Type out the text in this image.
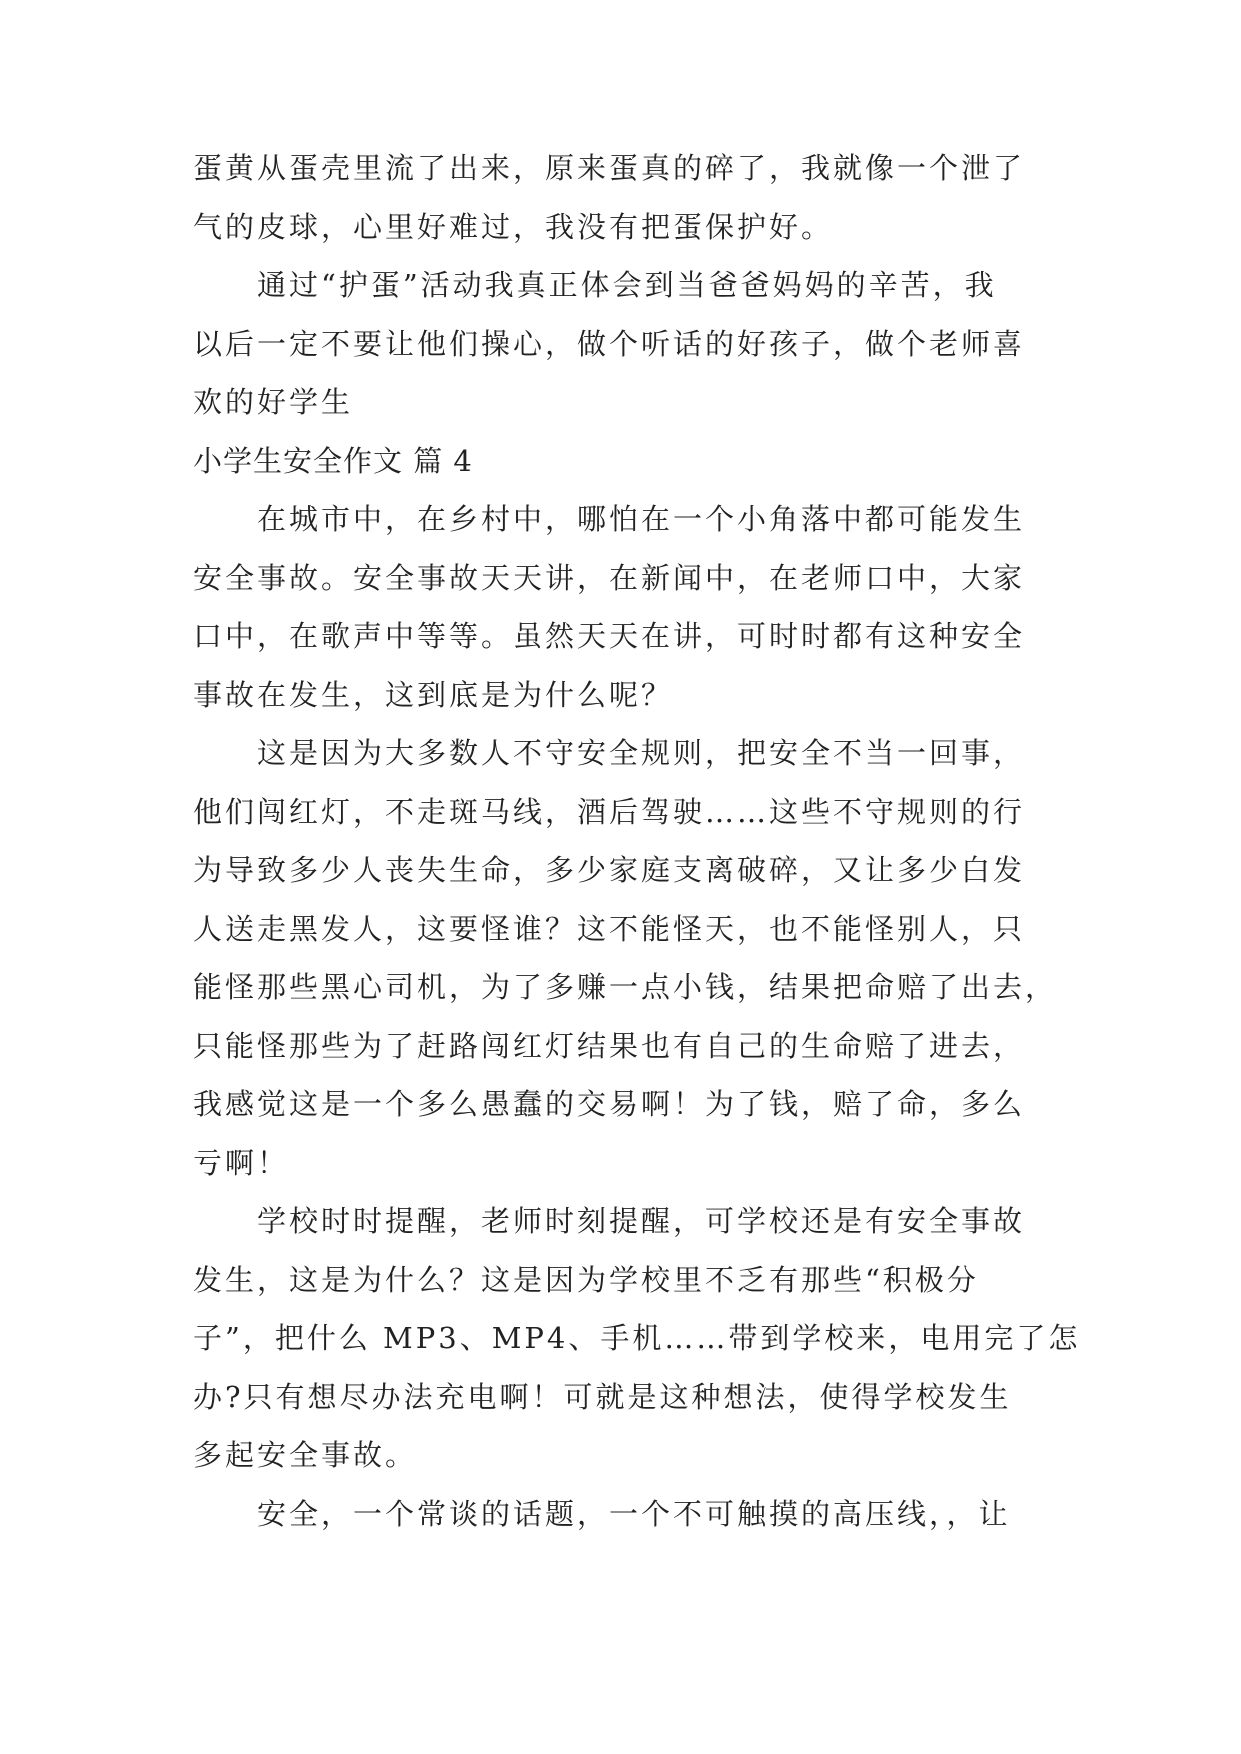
蛋黄从蛋壳里流了出来，原来蛋真的碎了，我就像一个泄了
气的皮球，心里好难过，我没有把蛋保护好。
通过“护蛋”活动我真正体会到当爸爸妈妈的辛苦，我
以后一定不要让他们操心，做个听话的好孩子，做个老师喜
欢的好学生
小学生安全作文 篇 4
在城市中，在乡村中，哪怕在一个小角落中都可能发生
安全事故。安全事故天天讲，在新闻中，在老师口中，大家
口中，在歌声中等等。虽然天天在讲，可时时都有这种安全
事故在发生，这到底是为什么呢？
这是因为大多数人不守安全规则，把安全不当一回事，
他们闯红灯，不走斑马线，酒后驾驶……这些不守规则的行
为导致多少人丧失生命，多少家庭支离破碎，又让多少白发
人送走黑发人，这要怪谁？这不能怪天，也不能怪别人，只
能怪那些黑心司机，为了多赚一点小钱，结果把命赔了出去，
只能怪那些为了赶路闯红灯结果也有自己的生命赔了进去，
我感觉这是一个多么愚蠢的交易啊！为了钱，赔了命，多么
亏啊！
学校时时提醒，老师时刻提醒，可学校还是有安全事故
发生，这是为什么？这是因为学校里不乏有那些“积极分
子”，把什么 MP3、MP4、手机……带到学校来，电用完了怎
办?只有想尽办法充电啊！可就是这种想法，使得学校发生
多起安全事故。
安全，一个常谈的话题，一个不可触摸的高压线，，让
